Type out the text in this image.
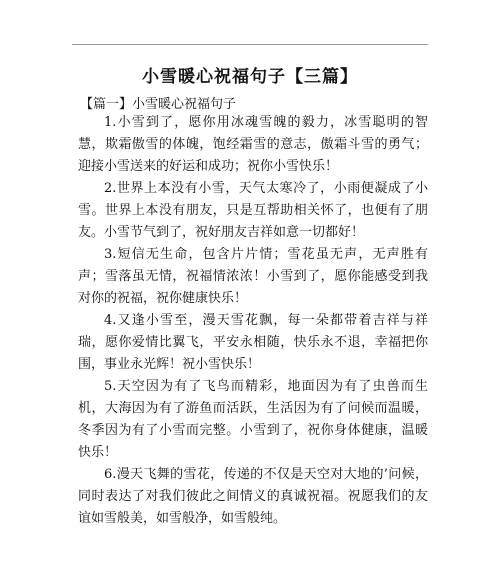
小雪暖心祝福句子【三篇】
【篇一】小雪暖心祝福句子

1.小雪到了，愿你用冰魂雪魄的毅力，冰雪聪明的智慧，欺霜傲雪的体魄，饱经霜雪的意志，傲霜斗雪的勇气；迎接小雪送来的好运和成功；祝你小雪快乐！

2.世界上本没有小雪，天气太寒冷了，小雨便凝成了小雪。世界上本没有朋友，只是互帮助相关怀了，也便有了朋友。小雪节气到了，祝好朋友吉祥如意一切都好！

3.短信无生命，包含片片情；雪花虽无声，无声胜有声；雪落虽无情，祝福情浓浓！小雪到了，愿你能感受到我对你的祝福，祝你健康快乐！

4.又逢小雪至，漫天雪花飘，每一朵都带着吉祥与祥瑞，愿你爱情比翼飞，平安永相随，快乐永不退，幸福把你围，事业永光辉！祝小雪快乐！

5.天空因为有了飞鸟而精彩，地面因为有了虫兽而生机，大海因为有了游鱼而活跃，生活因为有了问候而温暖，冬季因为有了小雪而完整。小雪到了，祝你身体健康，温暖快乐！

6.漫天飞舞的雪花，传递的不仅是天空对大地的’问候，同时表达了对我们彼此之间情义的真诚祝福。祝愿我们的友谊如雪般美，如雪般净，如雪般纯。
